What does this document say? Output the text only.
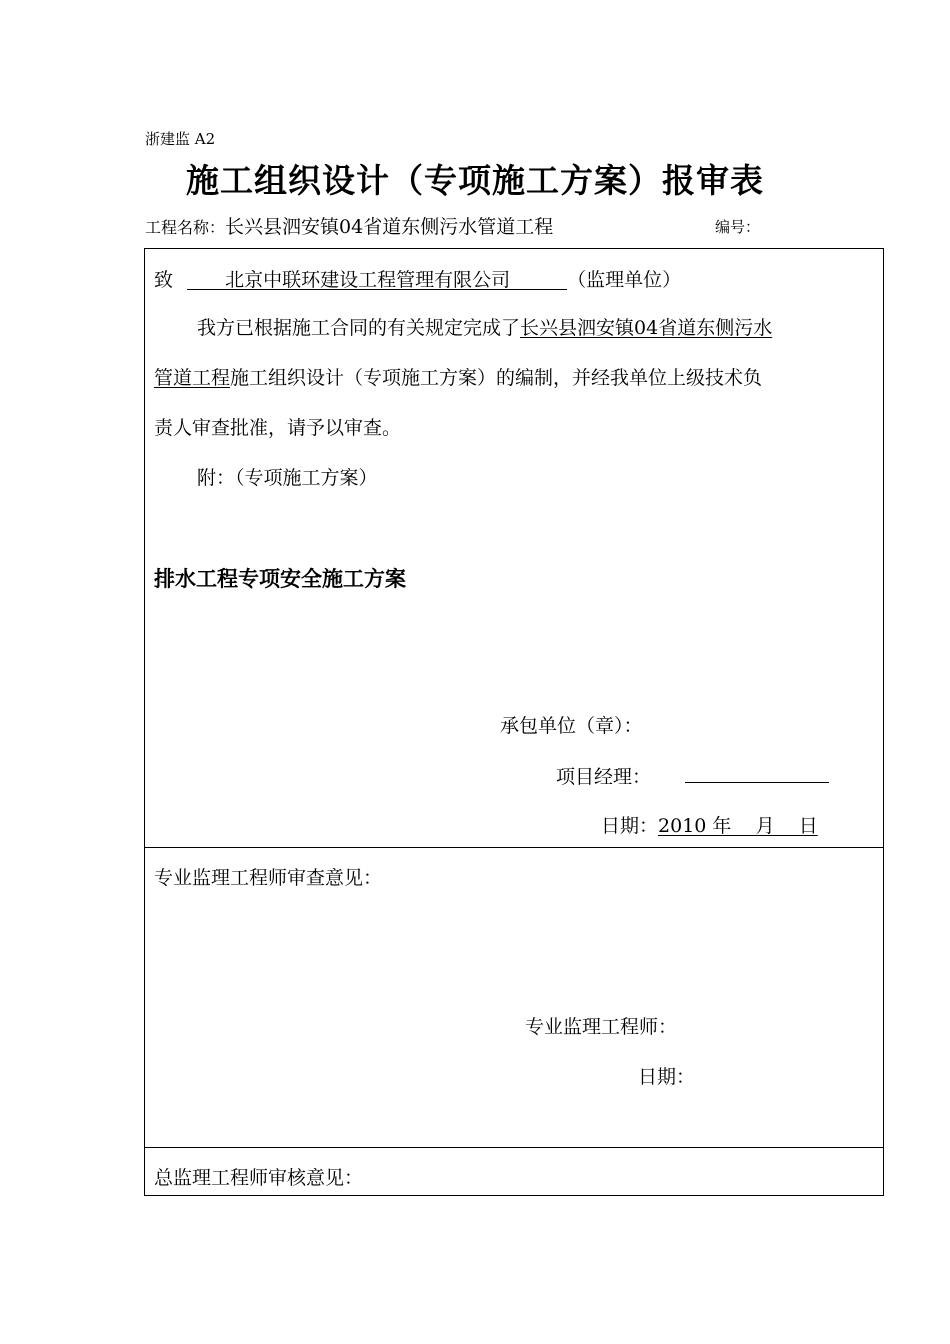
浙建监 A2
施工组织设计（专项施工方案）报审表
工程名称：长兴县泗安镇04省道东侧污水管道工程	编号：
致   	北京中联环建设工程管理有限公司   	（监理单位）
我方已根据施工合同的有关规定完成了长兴县泗安镇04省道东侧污水
管道工程施工组织设计（专项施工方案）的编制，并经我单位上级技术负
责人审查批准，请予以审查。
附：（专项施工方案）
排水工程专项安全施工方案
承包单位（章）：
项目经理：
日期：2010 年    月    日
专业监理工程师审查意见：
专业监理工程师：
日期：
总监理工程师审核意见：
